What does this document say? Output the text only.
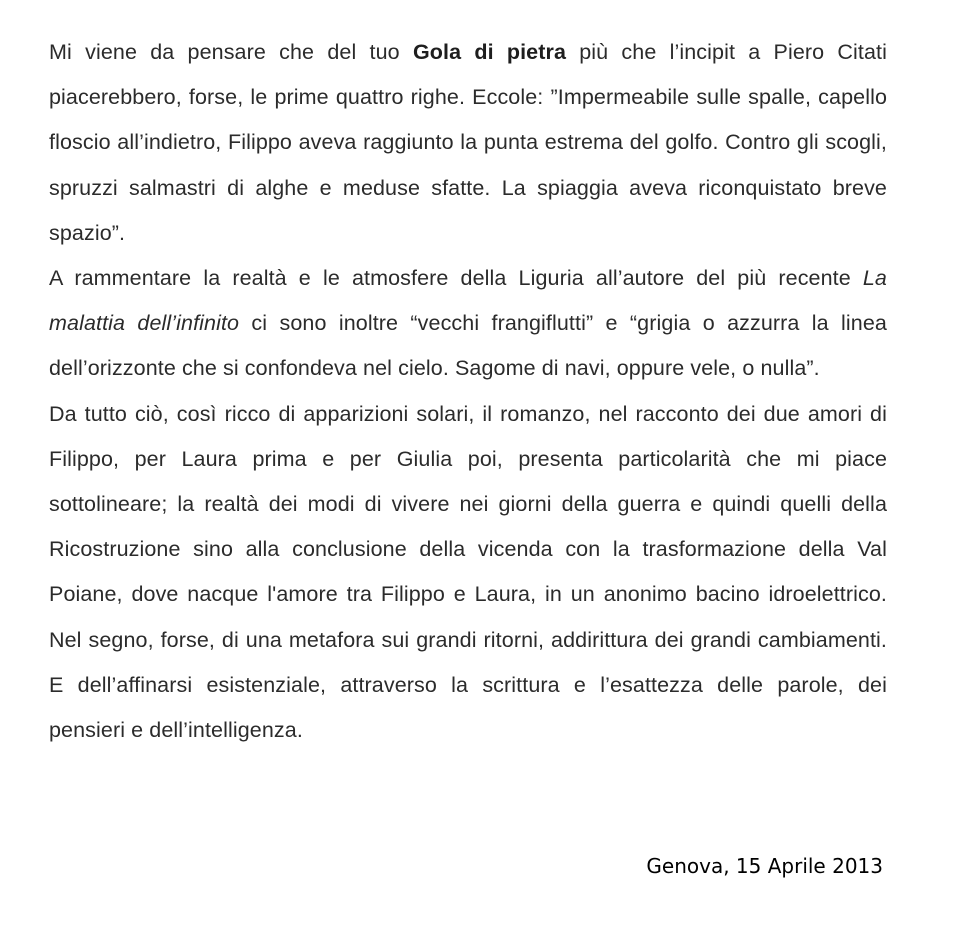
Mi viene da pensare che del tuo Gola di pietra più che l’incipit a Piero Citati piacerebbero, forse, le prime quattro righe. Eccole: ”Impermeabile sulle spalle, capello floscio all’indietro, Filippo aveva raggiunto la punta estrema del golfo. Contro gli scogli, spruzzi salmastri di alghe e meduse sfatte. La spiaggia aveva riconquistato breve spazio”.

A rammentare la realtà e le atmosfere della Liguria all’autore del più recente La malattia dell’infinito ci sono inoltre “vecchi frangiflutti” e “grigia o azzurra la linea dell’orizzonte che si confondeva nel cielo. Sagome di navi, oppure vele, o nulla”.

Da tutto ciò, così ricco di apparizioni solari, il romanzo, nel racconto dei due amori di Filippo, per Laura prima e per Giulia poi, presenta particolarità che mi piace sottolineare; la realtà dei modi di vivere nei giorni della guerra e quindi quelli della Ricostruzione sino alla conclusione della vicenda con la trasformazione della Val Poiane, dove nacque l'amore tra Filippo e Laura, in un anonimo bacino idroelettrico. Nel segno, forse, di una metafora sui grandi ritorni, addirittura dei grandi cambiamenti. E dell’affinarsi esistenziale, attraverso la scrittura e l’esattezza delle parole, dei pensieri e dell’intelligenza.

Genova, 15 Aprile 2013
